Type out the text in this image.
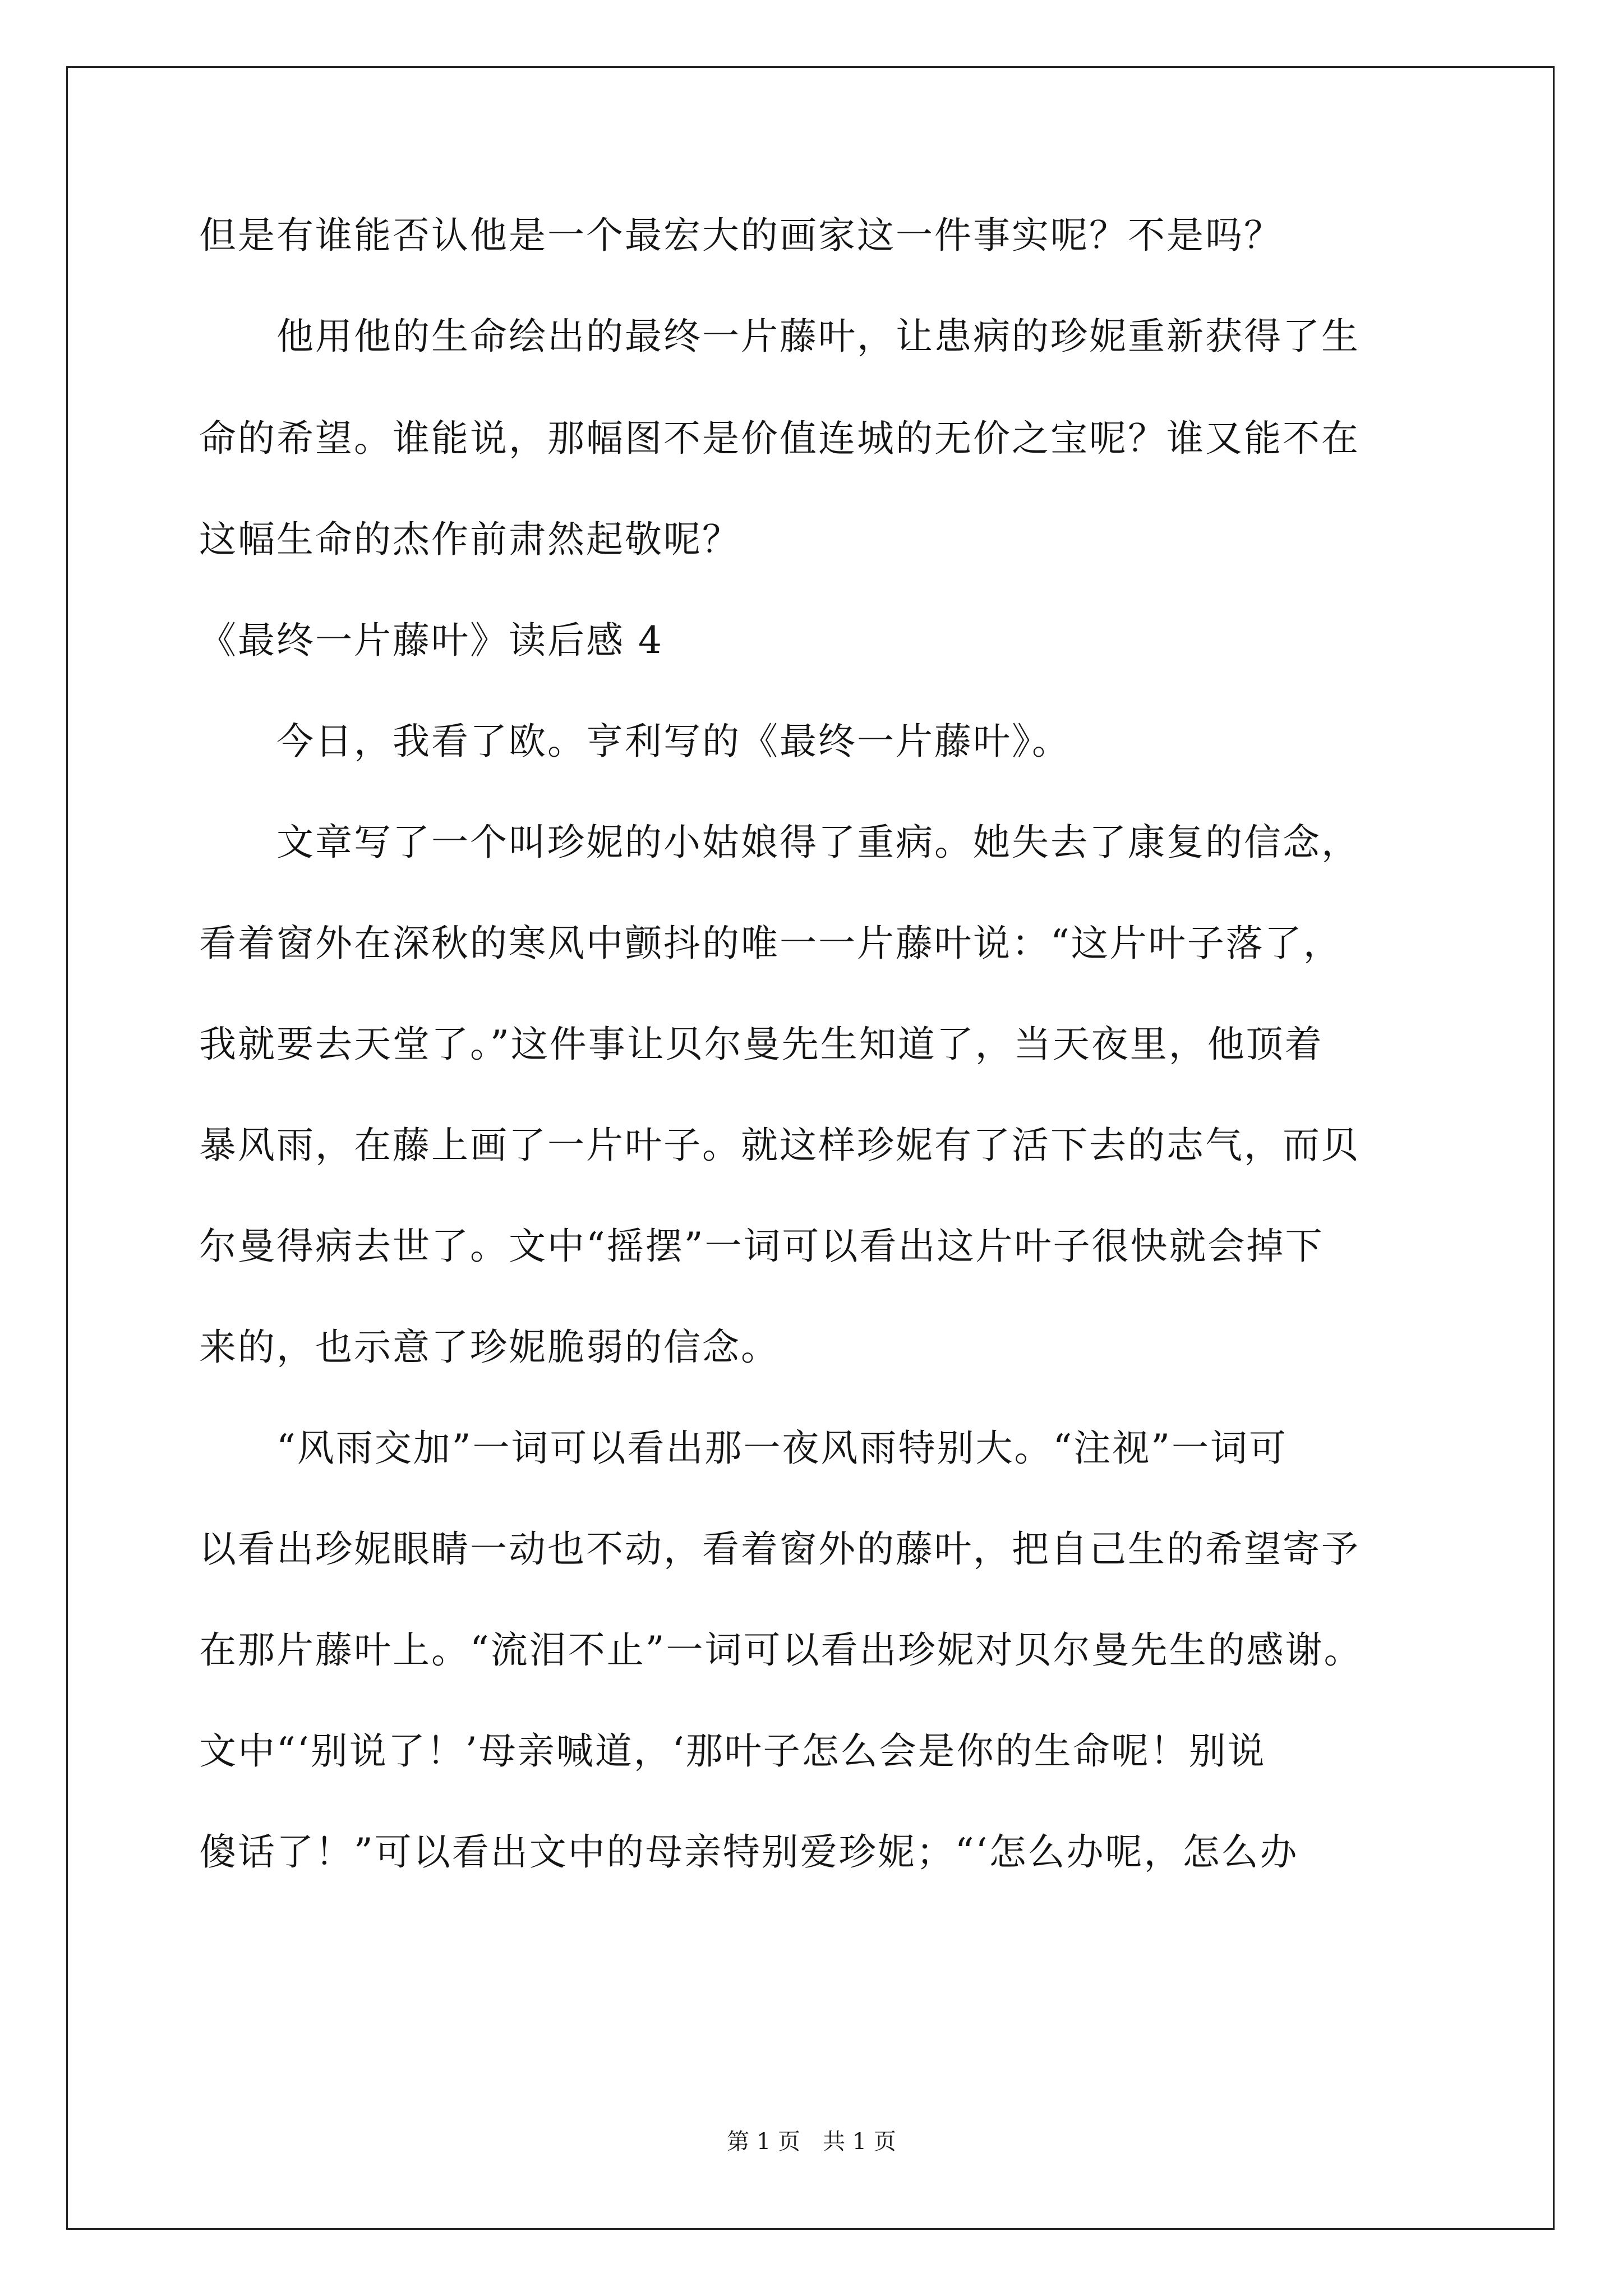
但是有谁能否认他是一个最宏大的画家这一件事实呢？不是吗？
　　他用他的生命绘出的最终一片藤叶，让患病的珍妮重新获得了生
命的希望。谁能说，那幅图不是价值连城的无价之宝呢？谁又能不在
这幅生命的杰作前肃然起敬呢？
《最终一片藤叶》读后感 4
　　今日，我看了欧。亨利写的《最终一片藤叶》。
　　文章写了一个叫珍妮的小姑娘得了重病。她失去了康复的信念，
看着窗外在深秋的寒风中颤抖的唯一一片藤叶说：“这片叶子落了，
我就要去天堂了。”这件事让贝尔曼先生知道了，当天夜里，他顶着
暴风雨，在藤上画了一片叶子。就这样珍妮有了活下去的志气，而贝
尔曼得病去世了。文中“摇摆”一词可以看出这片叶子很快就会掉下
来的，也示意了珍妮脆弱的信念。
　　“风雨交加”一词可以看出那一夜风雨特别大。“注视”一词可
以看出珍妮眼睛一动也不动，看着窗外的藤叶，把自己生的希望寄予
在那片藤叶上。“流泪不止”一词可以看出珍妮对贝尔曼先生的感谢。
文中“‘别说了！’母亲喊道，‘那叶子怎么会是你的生命呢！别说
傻话了！”可以看出文中的母亲特别爱珍妮；“‘怎么办呢，怎么办
第 1 页　共 1 页
